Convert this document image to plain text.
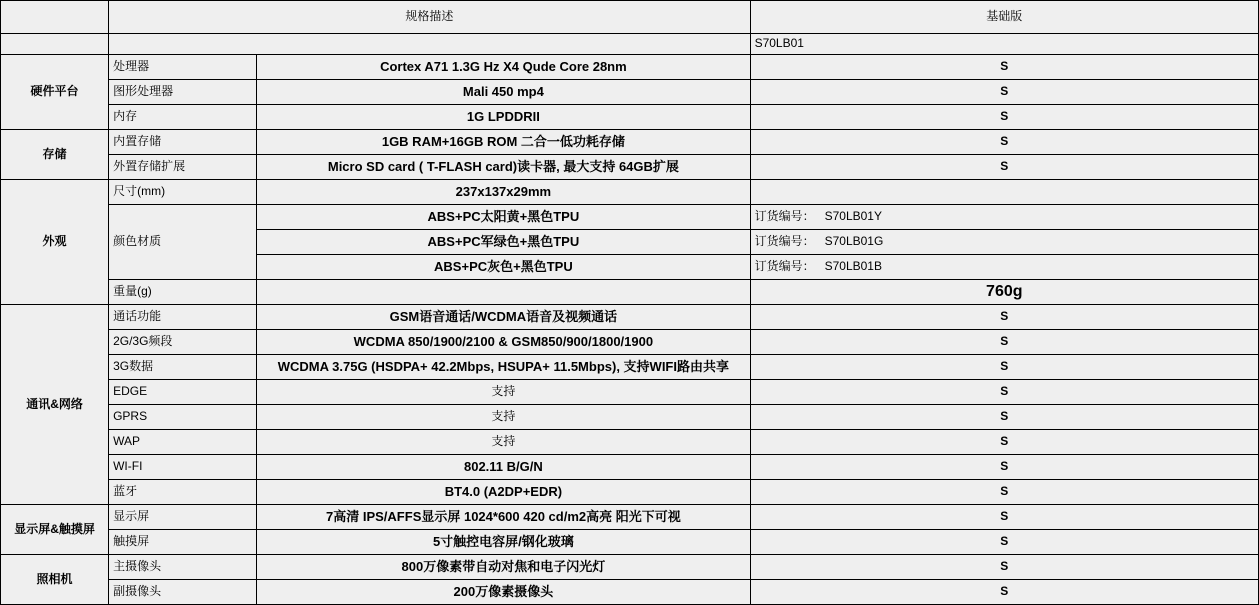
	规格描述		基础版
			S70LB01
硬件平台	处理器	Cortex A71 1.3G Hz X4 Qude Core 28nm	S
	图形处理器	Mali 450 mp4	S
	内存	1G LPDDRII	S
存储	内置存储	1GB RAM+16GB ROM 二合一低功耗存储	S
	外置存储扩展	Micro SD card ( T-FLASH card)读卡器, 最大支持 64GB扩展	S
外观	尺寸(mm)	237x137x29mm	
	颜色材质	ABS+PC太阳黄+黑色TPU	订货编号： S70LB01Y
		ABS+PC军绿色+黑色TPU	订货编号： S70LB01G
		ABS+PC灰色+黑色TPU	订货编号： S70LB01B
	重量(g)		760g
通讯&网络	通话功能	GSM语音通话/WCDMA语音及视频通话	S
	2G/3G频段	WCDMA 850/1900/2100 & GSM850/900/1800/1900	S
	3G数据	WCDMA 3.75G (HSDPA+ 42.2Mbps, HSUPA+ 11.5Mbps), 支持WIFI路由共享	S
	EDGE	支持	S
	GPRS	支持	S
	WAP	支持	S
	WI-FI	802.11 B/G/N	S
	蓝牙	BT4.0 (A2DP+EDR)	S
显示屏&触摸屏	显示屏	7高清 IPS/AFFS显示屏 1024*600 420 cd/m2高亮 阳光下可视	S
	触摸屏	5寸触控电容屏/钢化玻璃	S
照相机	主摄像头	800万像素带自动对焦和电子闪光灯	S
	副摄像头	200万像素摄像头	S
